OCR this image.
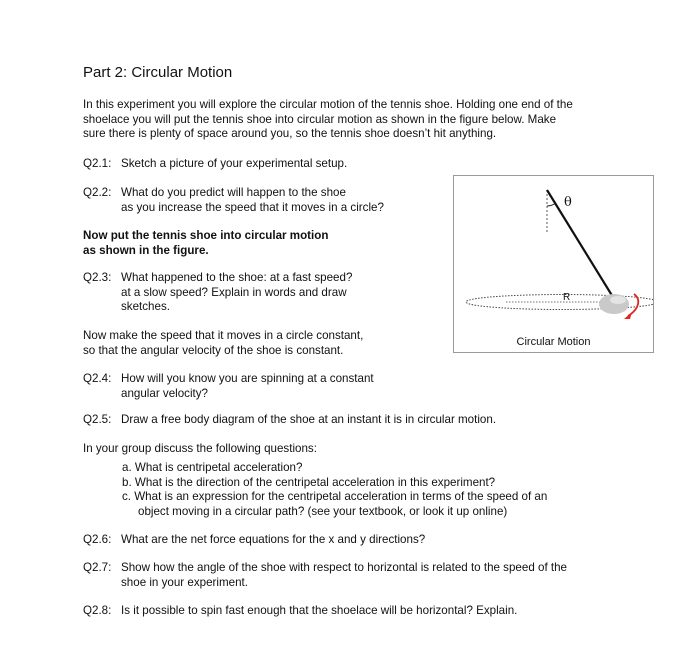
Part 2: Circular Motion
In this experiment you will explore the circular motion of the tennis shoe. Holding one end of the
shoelace you will put the tennis shoe into circular motion as shown in the figure below. Make
sure there is plenty of space around you, so the tennis shoe doesn’t hit anything.
Q2.1: Sketch a picture of your experimental setup.
Q2.2: What do you predict will happen to the shoe
as you increase the speed that it moves in a circle?
Now put the tennis shoe into circular motion
as shown in the figure.
Q2.3: What happened to the shoe: at a fast speed?
at a slow speed? Explain in words and draw
sketches.
Now make the speed that it moves in a circle constant,
so that the angular velocity of the shoe is constant.
Q2.4: How will you know you are spinning at a constant
angular velocity?
Q2.5: Draw a free body diagram of the shoe at an instant it is in circular motion.
In your group discuss the following questions:
a. What is centripetal acceleration?
b. What is the direction of the centripetal acceleration in this experiment?
c. What is an expression for the centripetal acceleration in terms of the speed of an
object moving in a circular path? (see your textbook, or look it up online)
Q2.6: What are the net force equations for the x and y directions?
Q2.7: Show how the angle of the shoe with respect to horizontal is related to the speed of the
shoe in your experiment.
Q2.8: Is it possible to spin fast enough that the shoelace will be horizontal? Explain.
θ
R
Circular Motion
